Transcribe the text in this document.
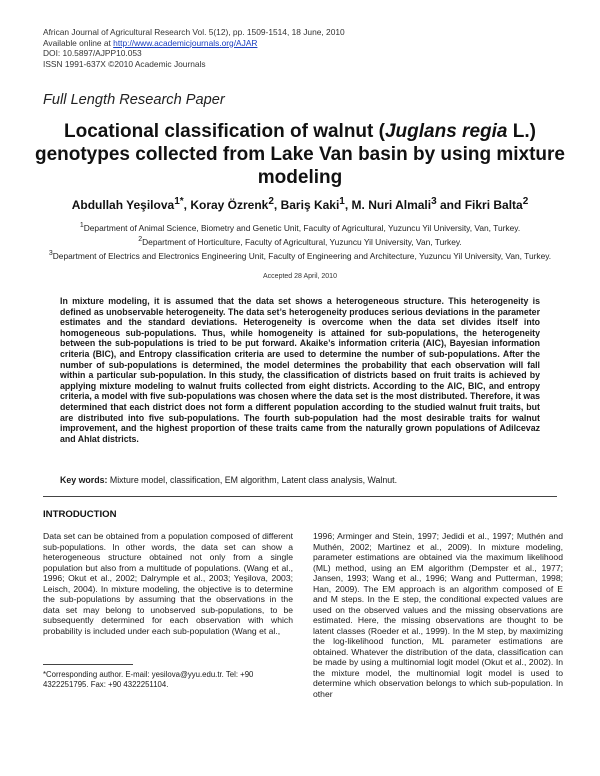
African Journal of Agricultural Research Vol. 5(12), pp. 1509-1514, 18 June, 2010
Available online at http://www.academicjournals.org/AJAR
DOI: 10.5897/AJPP10.053
ISSN 1991-637X ©2010 Academic Journals
Full Length Research Paper
Locational classification of walnut (Juglans regia L.) genotypes collected from Lake Van basin by using mixture modeling
Abdullah Yeşilova$^{1*}$, Koray Özrenk$^2$, Bariş Kaki$^1$, M. Nuri Almali$^3$ and Fikri Balta$^2$
$^1$Department of Animal Science, Biometry and Genetic Unit, Faculty of Agricultural, Yuzuncu Yil University, Van, Turkey.
$^2$Department of Horticulture, Faculty of Agricultural, Yuzuncu Yil University, Van, Turkey.
$^3$Department of Electrics and Electronics Engineering Unit, Faculty of Engineering and Architecture, Yuzuncu Yil University, Van, Turkey.
Accepted 28 April, 2010
In mixture modeling, it is assumed that the data set shows a heterogeneous structure. This heterogeneity is defined as unobservable heterogeneity. The data set’s heterogeneity produces serious deviations in the parameter estimates and the standard deviations. Heterogeneity is overcome when the data set divides itself into homogeneous sub-populations. Thus, while homogeneity is attained for sub-populations, the heterogeneity between the sub-populations is tried to be put forward. Akaike’s information criteria (AIC), Bayesian information criteria (BIC), and Entropy classification criteria are used to determine the number of sub-populations. After the number of sub-populations is determined, the model determines the probability that each observation will fall within a particular sub-population. In this study, the classification of districts based on fruit traits is achieved by applying mixture modeling to walnut fruits collected from eight districts. According to the AIC, BIC, and entropy criteria, a model with five sub-populations was chosen where the data set is the most distributed. Therefore, it was determined that each district does not form a different population according to the studied walnut fruit traits, but are distributed into five sub-populations. The fourth sub-population had the most desirable traits for walnut improvement, and the highest proportion of these traits came from the naturally grown populations of Adilcevaz and Ahlat districts.
Key words: Mixture model, classification, EM algorithm, Latent class analysis, Walnut.
INTRODUCTION
Data set can be obtained from a population composed of different sub-populations. In other words, the data set can show a heterogeneous structure obtained not only from a single population but also from a multitude of populations. (Wang et al., 1996; Okut et al., 2002; Dalrymple et al., 2003; Yeşilova, 2003; Leisch, 2004). In mixture modeling, the objective is to determine the sub-populations by assuming that the observations in the data set may belong to unobserved sub-populations, to be subsequently determined for each observation with which probability is included under each sub-population (Wang et al.,
1996; Arminger and Stein, 1997; Jedidi et al., 1997; Muthén and Muthén, 2002; Martinez et al., 2009). In mixture modeling, parameter estimations are obtained via the maximum likelihood (ML) method, using an EM algorithm (Dempster et al., 1977; Jansen, 1993; Wang et al., 1996; Wang and Putterman, 1998; Han, 2009). The EM approach is an algorithm composed of E and M steps. In the E step, the conditional expected values are used on the observed values and the missing observations are estimated. Here, the missing observations are thought to be latent classes (Roeder et al., 1999). In the M step, by maximizing the log-likelihood function, ML parameter estimations are obtained. Whatever the distribution of the data, classification can be made by using a multinomial logit model (Okut et al., 2002). In the mixture model, the multinomial logit model is used to determine which observation belongs to which sub-population. In other
*Corresponding author. E-mail: yesilova@yyu.edu.tr. Tel: +90 4322251795. Fax: +90 4322251104.
